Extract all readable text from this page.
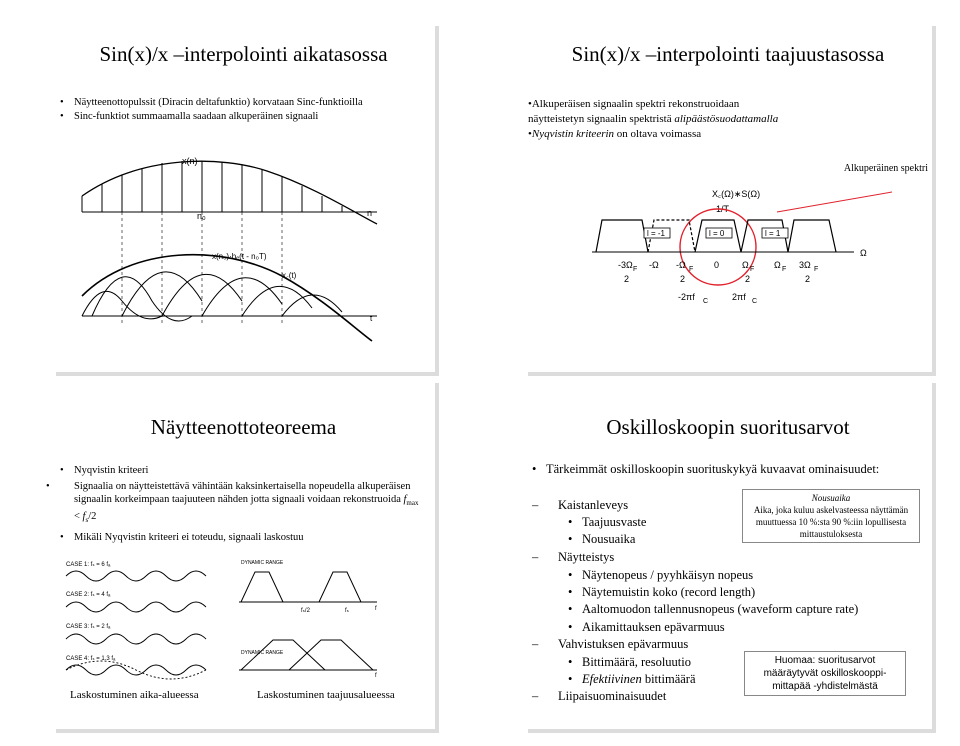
Sin(x)/x –interpolointi aikatasossa
• Näytteenottopulssit (Diracin deltafunktio) korvataan Sinc-funktioilla
• Sinc-funktiot summaamalla saadaan alkuperäinen signaali
x(n)
n₀	n
x(n₀)·hₑ(t - n₀T)
x꜀(t)
t
Sin(x)/x –interpolointi taajuustasossa
•Alkuperäisen signaalin spektri rekonstruoidaan
näytteistetyn signaalin spektristä alipäästösuodattamalla
•Nyqvistin kriteerin on oltava voimassa
Alkuperäinen spektri
X꜀(Ω)∗S(Ω)
1/T
Ω
l = -1	l = 0	l = 1
-3Ω F
2
-Ω -Ω F
2
0	Ω F
2
Ω F 3Ω F
2
-2πf C	2πf C
Näytteenottoteoreema
• Nyqvistin kriteeri
• Signaalia on näytteistettävä vähintään kaksinkertaisella nopeudella alkuperäisen signaalin korkeimpaan taajuuteen nähden jotta signaali voidaan rekonstruoida $f_{max} < f_s/2$
• Mikäli Nyqvistin kriteeri ei toteudu, signaali laskostuu
CASE 1: fₛ = 6 fₐ
CASE 2: fₛ = 4 fₐ
CASE 3: fₛ = 2 fₐ
CASE 4: fₛ = 1.3 fₐ
DYNAMIC RANGE
DYNAMIC RANGE
fₛ/2	fₛ	f
f
Laskostuminen aika-alueessa	Laskostuminen taajuusalueessa
Oskilloskoopin suoritusarvot
• Tärkeimmät oskilloskoopin suorituskykyä kuvaavat ominaisuudet:
– Kaistanleveys
• Taajuusvaste
• Nousuaika
– Näytteistys
• Näytenopeus / pyyhkäisyn nopeus
• Näytemuistin koko (record length)
• Aaltomuodon tallennusnopeus (waveform capture rate)
• Aikamittauksen epävarmuus
– Vahvistuksen epävarmuus
• Bittimäärä, resoluutio
• Efektiivinen bittimäärä
– Liipaisuominaisuudet
Nousuaika
Aika, joka kuluu askelvasteessa näyttämän muuttuessa 10 %:sta 90 %:iin lopullisesta mittaustuloksesta
Huomaa: suoritusarvot määräytyvät oskilloskooppi-mittapää -yhdistelmästä
